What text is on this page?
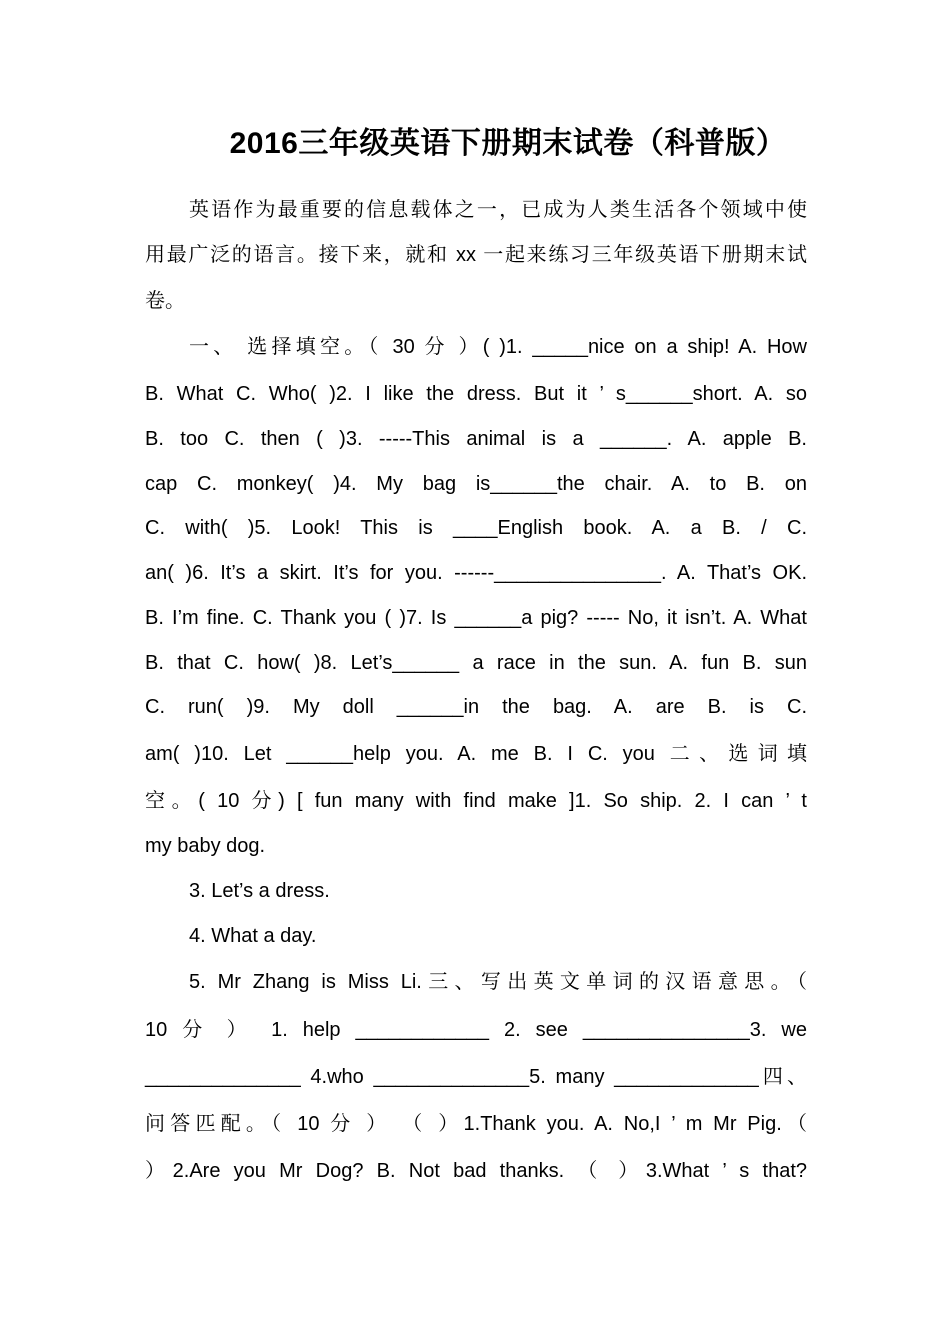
2016三年级英语下册期末试卷（科普版）
英语作为最重要的信息载体之一，已成为人类生活各个领域中使
用最广泛的语言。接下来，就和 xx 一起来练习三年级英语下册期末试
卷。
一、 选择填空。（ 30 分 ）( )1. _____nice on a ship! A. How
B. What C. Who( )2. I like the dress. But it ’ s______short. A. so
B. too C. then ( )3. -----This animal is a ______. A. apple B.
cap C. monkey( )4. My bag is______the chair. A. to B. on
C. with( )5. Look! This is ____English book. A. a B. / C.
an( )6. It’s a skirt. It’s for you. ------_______________. A. That’s OK.
B. I’m fine. C. Thank you ( )7. Is ______a pig? ----- No, it isn’t. A. What
B. that C. how( )8. Let’s______ a race in the sun. A. fun B. sun
C. run( )9. My doll ______in the bag. A. are B. is C.
am( )10. Let ______help you. A. me B. I C. you 二、选词填
空。( 10 分) [ fun many with find make ]1. So ship. 2. I can ’ t
my baby dog.
3. Let’s a dress.
4. What a day.
5. Mr Zhang is Miss Li.三、写出英文单词的汉语意思。（
10 分 ） 1. help ____________ 2. see _______________3. we
______________ 4.who ______________5. many _____________四、
问答匹配。（ 10 分 ） （ ）1.Thank you. A. No,I ’ m Mr Pig.（
）2.Are you Mr Dog? B. Not bad thanks. （ ）3.What ’ s that?
